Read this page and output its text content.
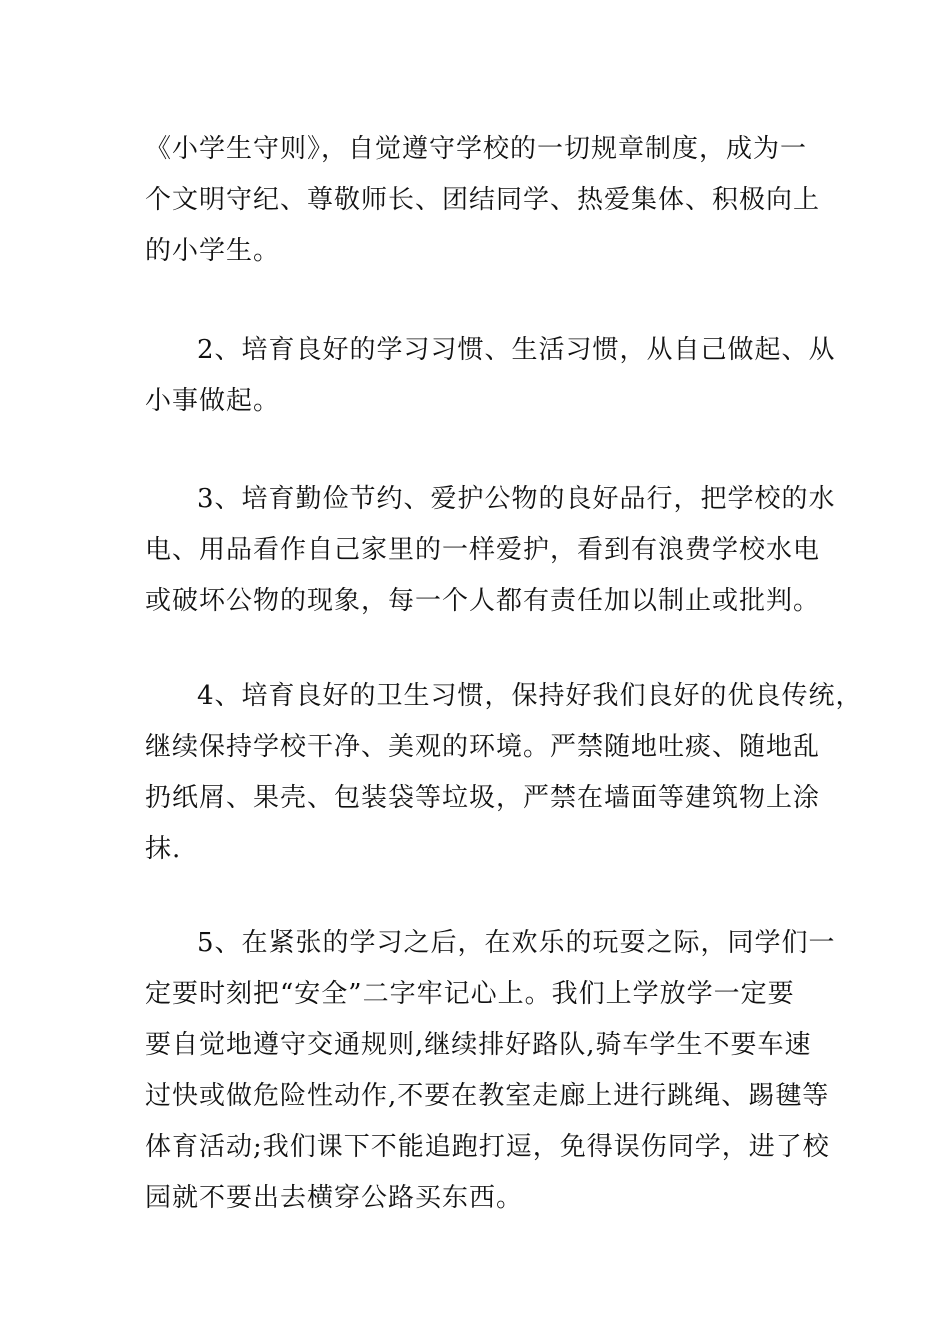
《小学生守则》，自觉遵守学校的一切规章制度，成为一
个文明守纪、尊敬师长、团结同学、热爱集体、积极向上
的小学生。
2、培育良好的学习习惯、生活习惯，从自己做起、从
小事做起。
3、培育勤俭节约、爱护公物的良好品行，把学校的水
电、用品看作自己家里的一样爱护，看到有浪费学校水电
或破坏公物的现象，每一个人都有责任加以制止或批判。
4、培育良好的卫生习惯，保持好我们良好的优良传统，
继续保持学校干净、美观的环境。严禁随地吐痰、随地乱
扔纸屑、果壳、包装袋等垃圾，严禁在墙面等建筑物上涂
抹.
5、在紧张的学习之后，在欢乐的玩耍之际，同学们一
定要时刻把“安全”二字牢记心上。我们上学放学一定要
要自觉地遵守交通规则,继续排好路队,骑车学生不要车速
过快或做危险性动作,不要在教室走廊上进行跳绳、踢毽等
体育活动;我们课下不能追跑打逗，免得误伤同学，进了校
园就不要出去横穿公路买东西。
